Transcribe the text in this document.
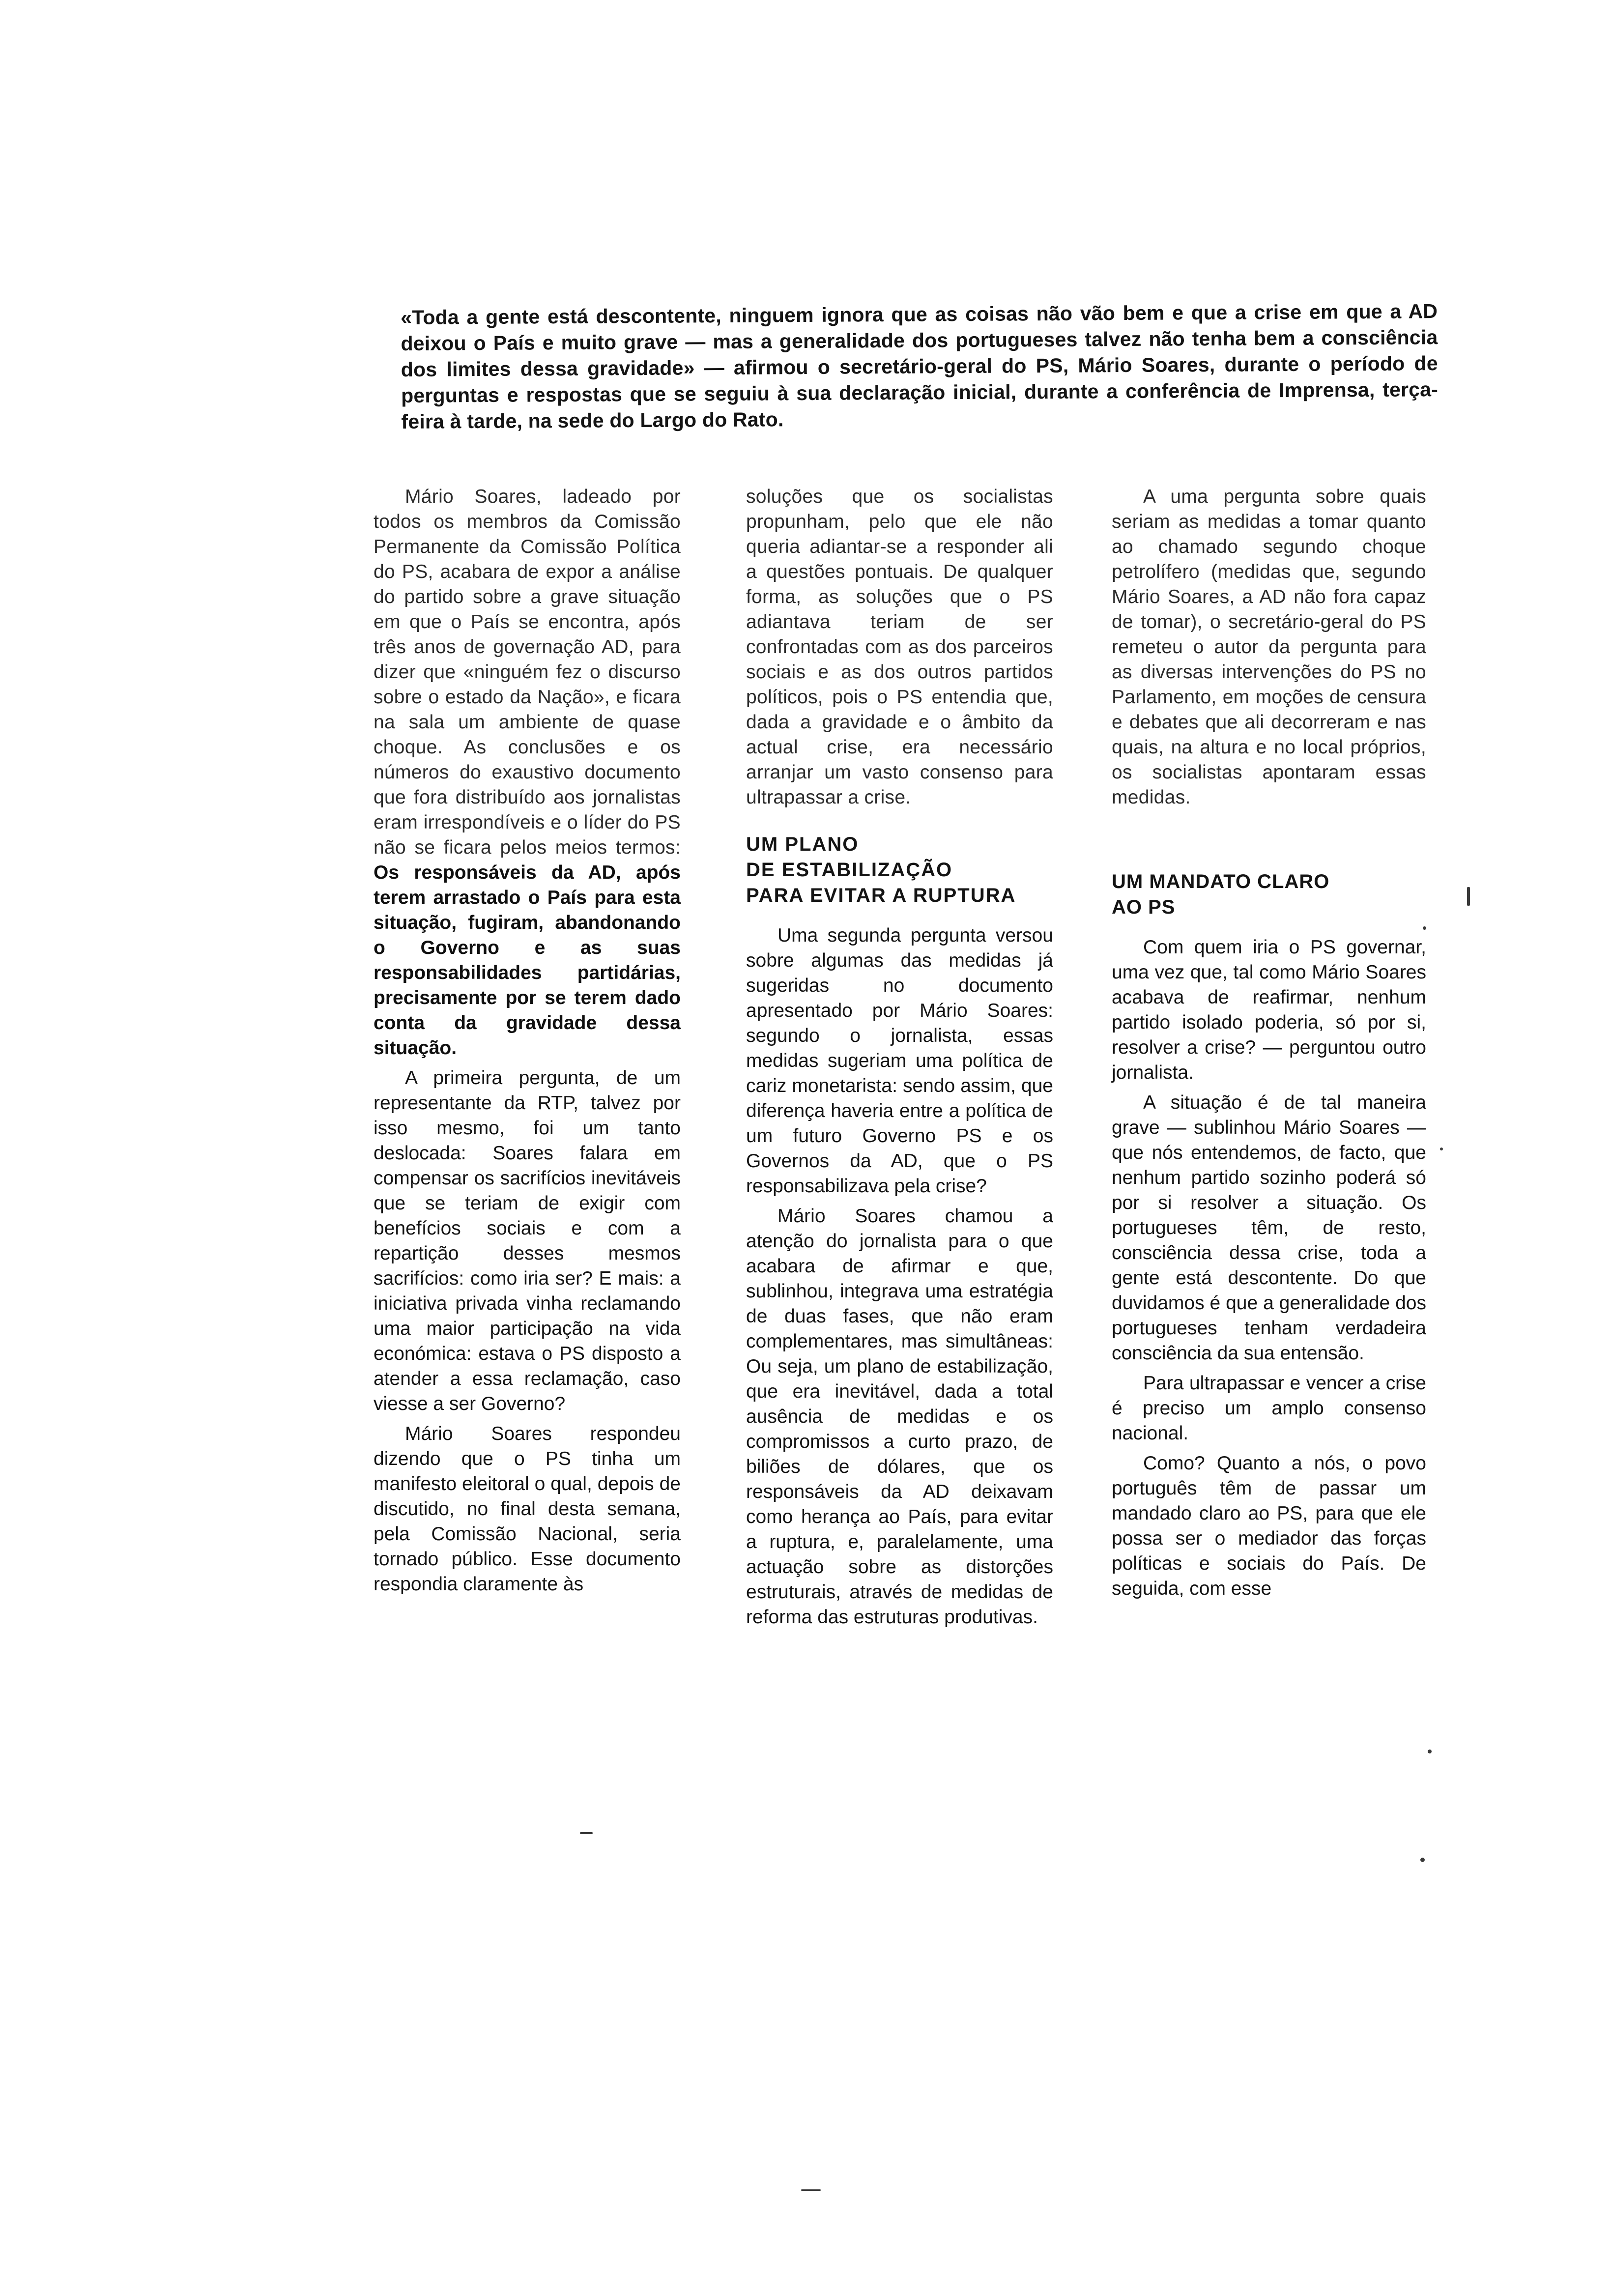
«Toda a gente está descontente, ninguem ignora que as coisas não vão bem e que a crise em que a AD deixou o País e muito grave — mas a generalidade dos portugueses talvez não tenha bem a consciência dos limites dessa gravidade» — afirmou o secretário-geral do PS, Mário Soares, durante o período de perguntas e respostas que se seguiu à sua declaração inicial, durante a conferência de Imprensa, terça-feira à tarde, na sede do Largo do Rato.

Mário Soares, ladeado por todos os membros da Comissão Permanente da Comissão Política do PS, acabara de expor a análise do partido sobre a grave situação em que o País se encontra, após três anos de governação AD, para dizer que «ninguém fez o discurso sobre o estado da Nação», e ficara na sala um ambiente de quase choque. As conclusões e os números do exaustivo documento que fora distribuído aos jornalistas eram irrespondíveis e o líder do PS não se ficara pelos meios termos: Os responsáveis da AD, após terem arrastado o País para esta situação, fugiram, abandonando o Governo e as suas responsabilidades partidárias, precisamente por se terem dado conta da gravidade dessa situação.

A primeira pergunta, de um representante da RTP, talvez por isso mesmo, foi um tanto deslocada: Soares falara em compensar os sacrifícios inevitáveis que se teriam de exigir com benefícios sociais e com a repartição desses mesmos sacrifícios: como iria ser? E mais: a iniciativa privada vinha reclamando uma maior participação na vida económica: estava o PS disposto a atender a essa reclamação, caso viesse a ser Governo?

Mário Soares respondeu dizendo que o PS tinha um manifesto eleitoral o qual, depois de discutido, no final desta semana, pela Comissão Nacional, seria tornado público. Esse documento respondia claramente às

soluções que os socialistas propunham, pelo que ele não queria adiantar-se a responder ali a questões pontuais. De qualquer forma, as soluções que o PS adiantava teriam de ser confrontadas com as dos parceiros sociais e as dos outros partidos políticos, pois o PS entendia que, dada a gravidade e o âmbito da actual crise, era necessário arranjar um vasto consenso para ultrapassar a crise.

UM PLANO
DE ESTABILIZAÇÃO
PARA EVITAR A RUPTURA

Uma segunda pergunta versou sobre algumas das medidas já sugeridas no documento apresentado por Mário Soares: segundo o jornalista, essas medidas sugeriam uma política de cariz monetarista: sendo assim, que diferença haveria entre a política de um futuro Governo PS e os Governos da AD, que o PS responsabilizava pela crise?

Mário Soares chamou a atenção do jornalista para o que acabara de afirmar e que, sublinhou, integrava uma estratégia de duas fases, que não eram complementares, mas simultâneas: Ou seja, um plano de estabilização, que era inevitável, dada a total ausência de medidas e os compromissos a curto prazo, de biliões de dólares, que os responsáveis da AD deixavam como herança ao País, para evitar a ruptura, e, paralelamente, uma actuação sobre as distorções estruturais, através de medidas de reforma das estruturas produtivas.

A uma pergunta sobre quais seriam as medidas a tomar quanto ao chamado segundo choque petrolífero (medidas que, segundo Mário Soares, a AD não fora capaz de tomar), o secretário-geral do PS remeteu o autor da pergunta para as diversas intervenções do PS no Parlamento, em moções de censura e debates que ali decorreram e nas quais, na altura e no local próprios, os socialistas apontaram essas medidas.

UM MANDATO CLARO
AO PS

Com quem iria o PS governar, uma vez que, tal como Mário Soares acabava de reafirmar, nenhum partido isolado poderia, só por si, resolver a crise? — perguntou outro jornalista.

A situação é de tal maneira grave — sublinhou Mário Soares — que nós entendemos, de facto, que nenhum partido sozinho poderá só por si resolver a situação. Os portugueses têm, de resto, consciência dessa crise, toda a gente está descontente. Do que duvidamos é que a generalidade dos portugueses tenham verdadeira consciência da sua entensão.

Para ultrapassar e vencer a crise é preciso um amplo consenso nacional.

Como? Quanto a nós, o povo português têm de passar um mandado claro ao PS, para que ele possa ser o mediador das forças políticas e sociais do País. De seguida, com esse
